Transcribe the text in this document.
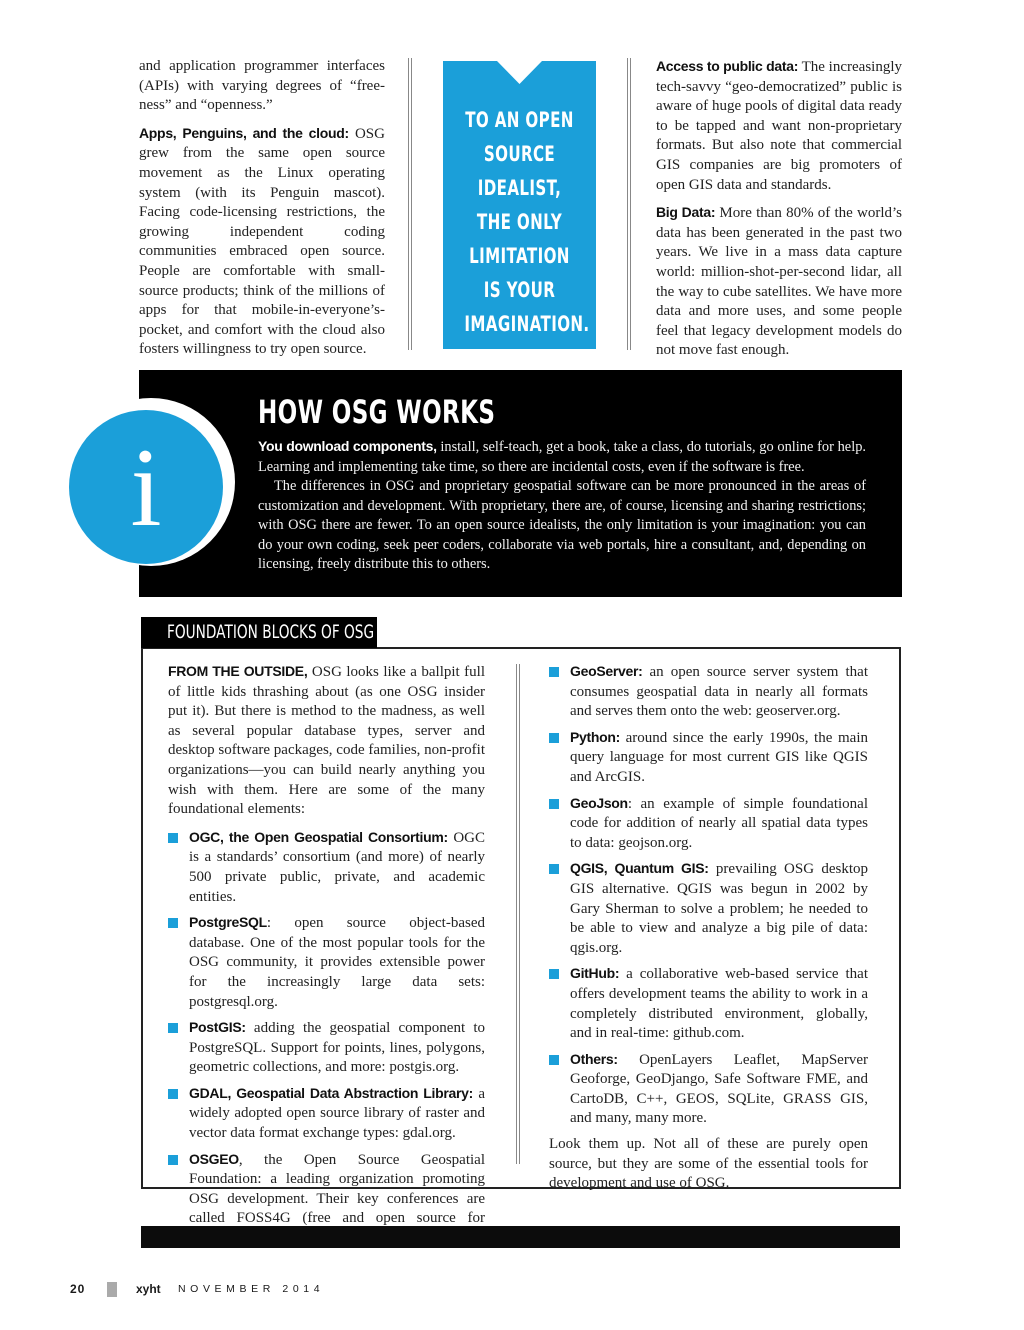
and application programmer interfaces (APIs) with varying degrees of “free-ness” and “openness.”

Apps, Penguins, and the cloud: OSG grew from the same open source movement as the Linux operating system (with its Penguin mascot). Facing code-licensing restrictions, the growing independent coding communities embraced open source. People are comfortable with small-source products; think of the millions of apps for that mobile-in-everyone’s-pocket, and comfort with the cloud also fosters willingness to try open source.

TO AN OPEN
SOURCE
IDEALIST,
THE ONLY
LIMITATION
IS YOUR
IMAGINATION.

Access to public data: The increasingly tech-savvy “geo-democratized” public is aware of huge pools of digital data ready to be tapped and want non-proprietary formats. But also note that commercial GIS companies are big promoters of open GIS data and standards.

Big Data: More than 80% of the world’s data has been generated in the past two years. We live in a mass data capture world: million-shot-per-second lidar, all the way to cube satellites. We have more data and more uses, and some people feel that legacy development models do not move fast enough.

i
HOW OSG WORKS

You download components, install, self-teach, get a book, take a class, do tutorials, go online for help. Learning and implementing take time, so there are incidental costs, even if the software is free.

The differences in OSG and proprietary geospatial software can be more pronounced in the areas of customization and development. With proprietary, there are, of course, licensing and sharing restrictions; with OSG there are fewer. To an open source idealists, the only limitation is your imagination: you can do your own coding, seek peer coders, collaborate via web portals, hire a consultant, and, depending on licensing, freely distribute this to others.

FOUNDATION BLOCKS OF OSG

FROM THE OUTSIDE, OSG looks like a ballpit full of little kids thrashing about (as one OSG insider put it). But there is method to the madness, as well as several popular database types, server and desktop software packages, code families, non-profit organizations—you can build nearly anything you wish with them. Here are some of the many foundational elements:

OGC, the Open Geospatial Consortium: OGC is a standards’ consortium (and more) of nearly 500 private public, private, and academic entities.
PostgreSQL: open source object-based database. One of the most popular tools for the OSG community, it provides extensible power for the increasingly large data sets: postgresql.org.
PostGIS: adding the geospatial component to PostgreSQL. Support for points, lines, polygons, geometric collections, and more: postgis.org.
GDAL, Geospatial Data Abstraction Library: a widely adopted open source library of raster and vector data format exchange types: gdal.org.
OSGEO, the Open Source Geospatial Foundation: a leading organization promoting OSG development. Their key conferences are called FOSS4G (free and open source for
GeoServer: an open source server system that consumes geospatial data in nearly all formats and serves them onto the web: geoserver.org.
Python: around since the early 1990s, the main query language for most current GIS like QGIS and ArcGIS.
GeoJson: an example of simple foundational code for addition of nearly all spatial data types to data: geojson.org.
QGIS, Quantum GIS: prevailing OSG desktop GIS alternative. QGIS was begun in 2002 by Gary Sherman to solve a problem; he needed to be able to view and analyze a big pile of data: qgis.org.
GitHub: a collaborative web-based service that offers development teams the ability to work in a completely distributed environment, globally, and in real-time: github.com.
Others: OpenLayers Leaflet, MapServer Geoforge, GeoDjango, Safe Software FME, and CartoDB, C++, GEOS, SQLite, GRASS GIS, and many, many more.

Look them up. Not all of these are purely open source, but they are some of the essential tools for development and use of OSG.

20	xyht NOVEMBER 2014
